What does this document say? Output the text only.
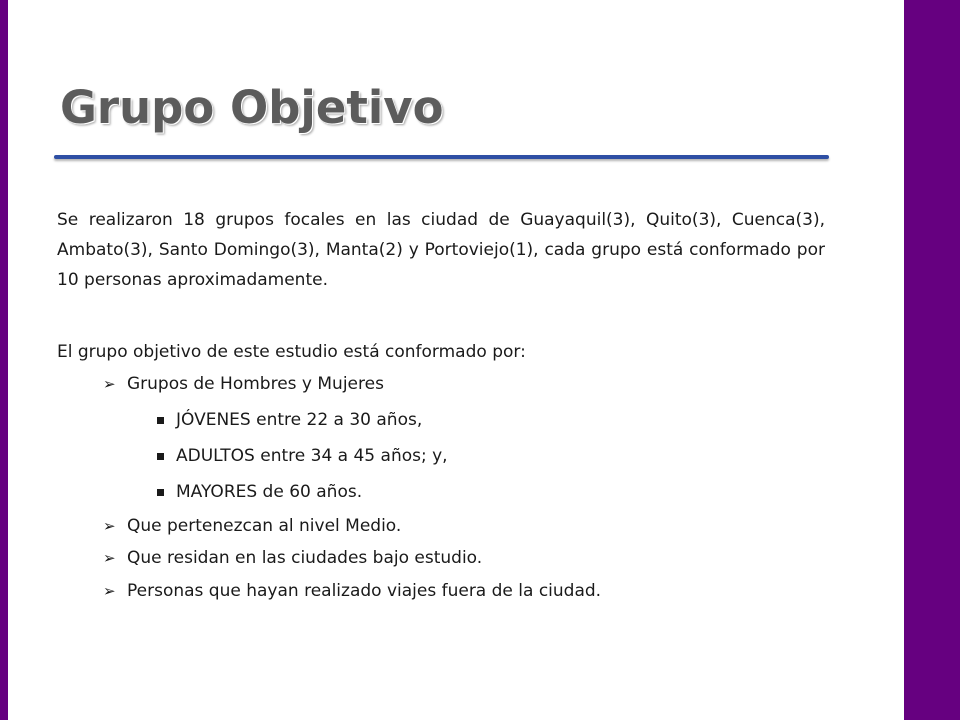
Grupo Objetivo

Se realizaron 18 grupos focales en las ciudad de Guayaquil(3), Quito(3), Cuenca(3), Ambato(3), Santo Domingo(3), Manta(2) y Portoviejo(1), cada grupo está conformado por 10 personas aproximadamente.

El grupo objetivo de este estudio está conformado por:

➢ Grupos de Hombres y Mujeres
JÓVENES entre 22 a 30 años,
ADULTOS entre 34 a 45 años; y,
MAYORES de 60 años.
➢ Que pertenezcan al nivel Medio.
➢ Que residan en las ciudades bajo estudio.
➢ Personas que hayan realizado viajes fuera de la ciudad.
